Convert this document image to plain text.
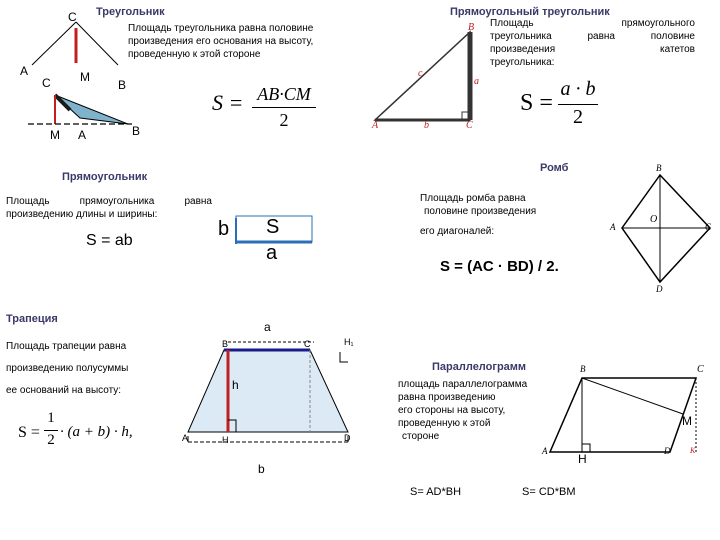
C Треугольник
Площадь треугольника равна половине произведения его основания на высоту, проведенную к этой стороне
A
C M
B
M A	B
S = AB·CM
2
Прямоугольный треугольник
Площадь прямоугольного
треугольника равна половине
произведения катетов
треугольника:
B
A	C
c
a
b
S =
a · b
2
Прямоугольник
Площадь прямоугольника равна произведению длины и ширины:
S = ab
b S
a
Ромб
Площадь ромба равна
половине произведения
его диагоналей:
S = (AC · BD) / 2.
B
A	C
D
O
Трапеция
Площадь трапеции равна
произведению полусуммы
ее оснований на высоту:
S =
1
2 · (a + b) · h,
a
b
h
B	C
A	D
H
H₁
Параллелограмм
площадь параллелограмма
равна произведению
его стороны на высоту,
проведенную к этой
стороне
B	C
A	D
H
M
K
S= AD*BH	S= CD*BM
